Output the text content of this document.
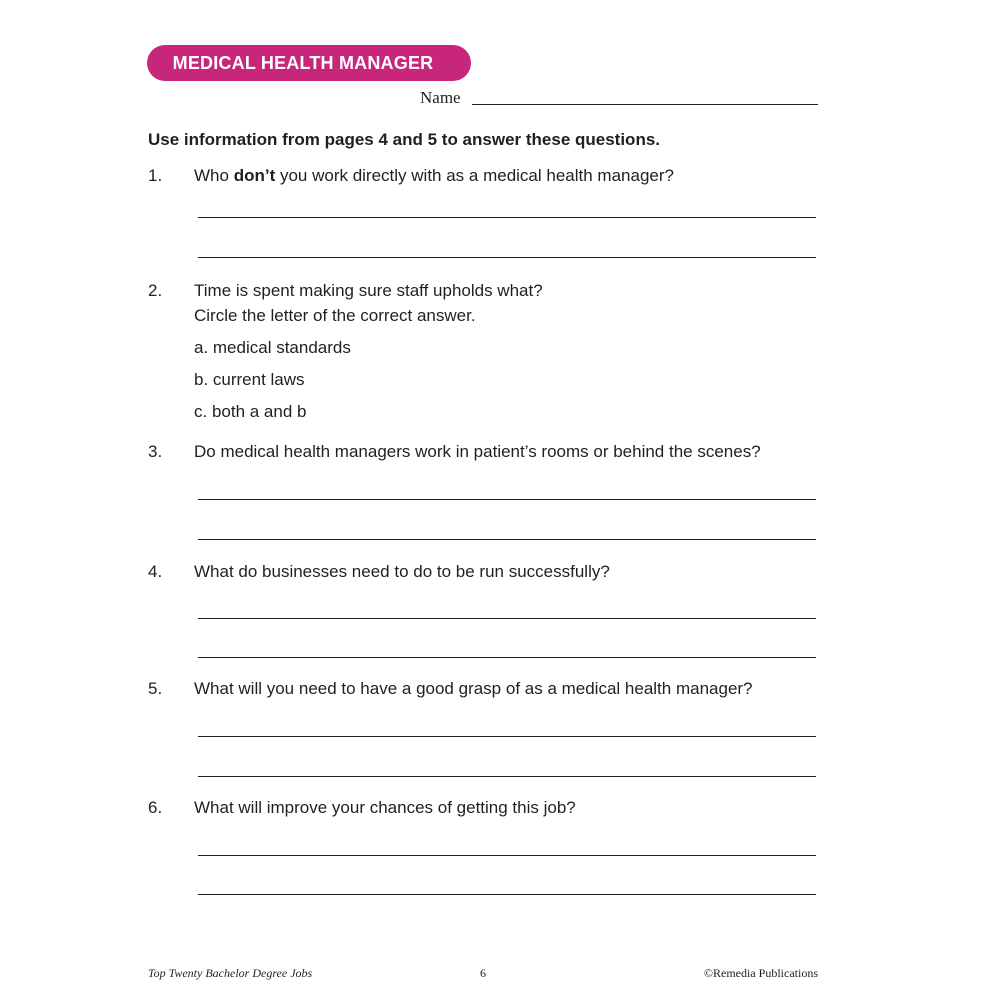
MEDICAL HEALTH MANAGER
Name
Use information from pages 4 and 5 to answer these questions.
1. Who don’t you work directly with as a medical health manager?
2. Time is spent making sure staff upholds what?
Circle the letter of the correct answer.
a. medical standards
b. current laws
c. both a and b
3. Do medical health managers work in patient’s rooms or behind the scenes?
4. What do businesses need to do to be run successfully?
5. What will you need to have a good grasp of as a medical health manager?
6. What will improve your chances of getting this job?
Top Twenty Bachelor Degree Jobs	6	©Remedia Publications
